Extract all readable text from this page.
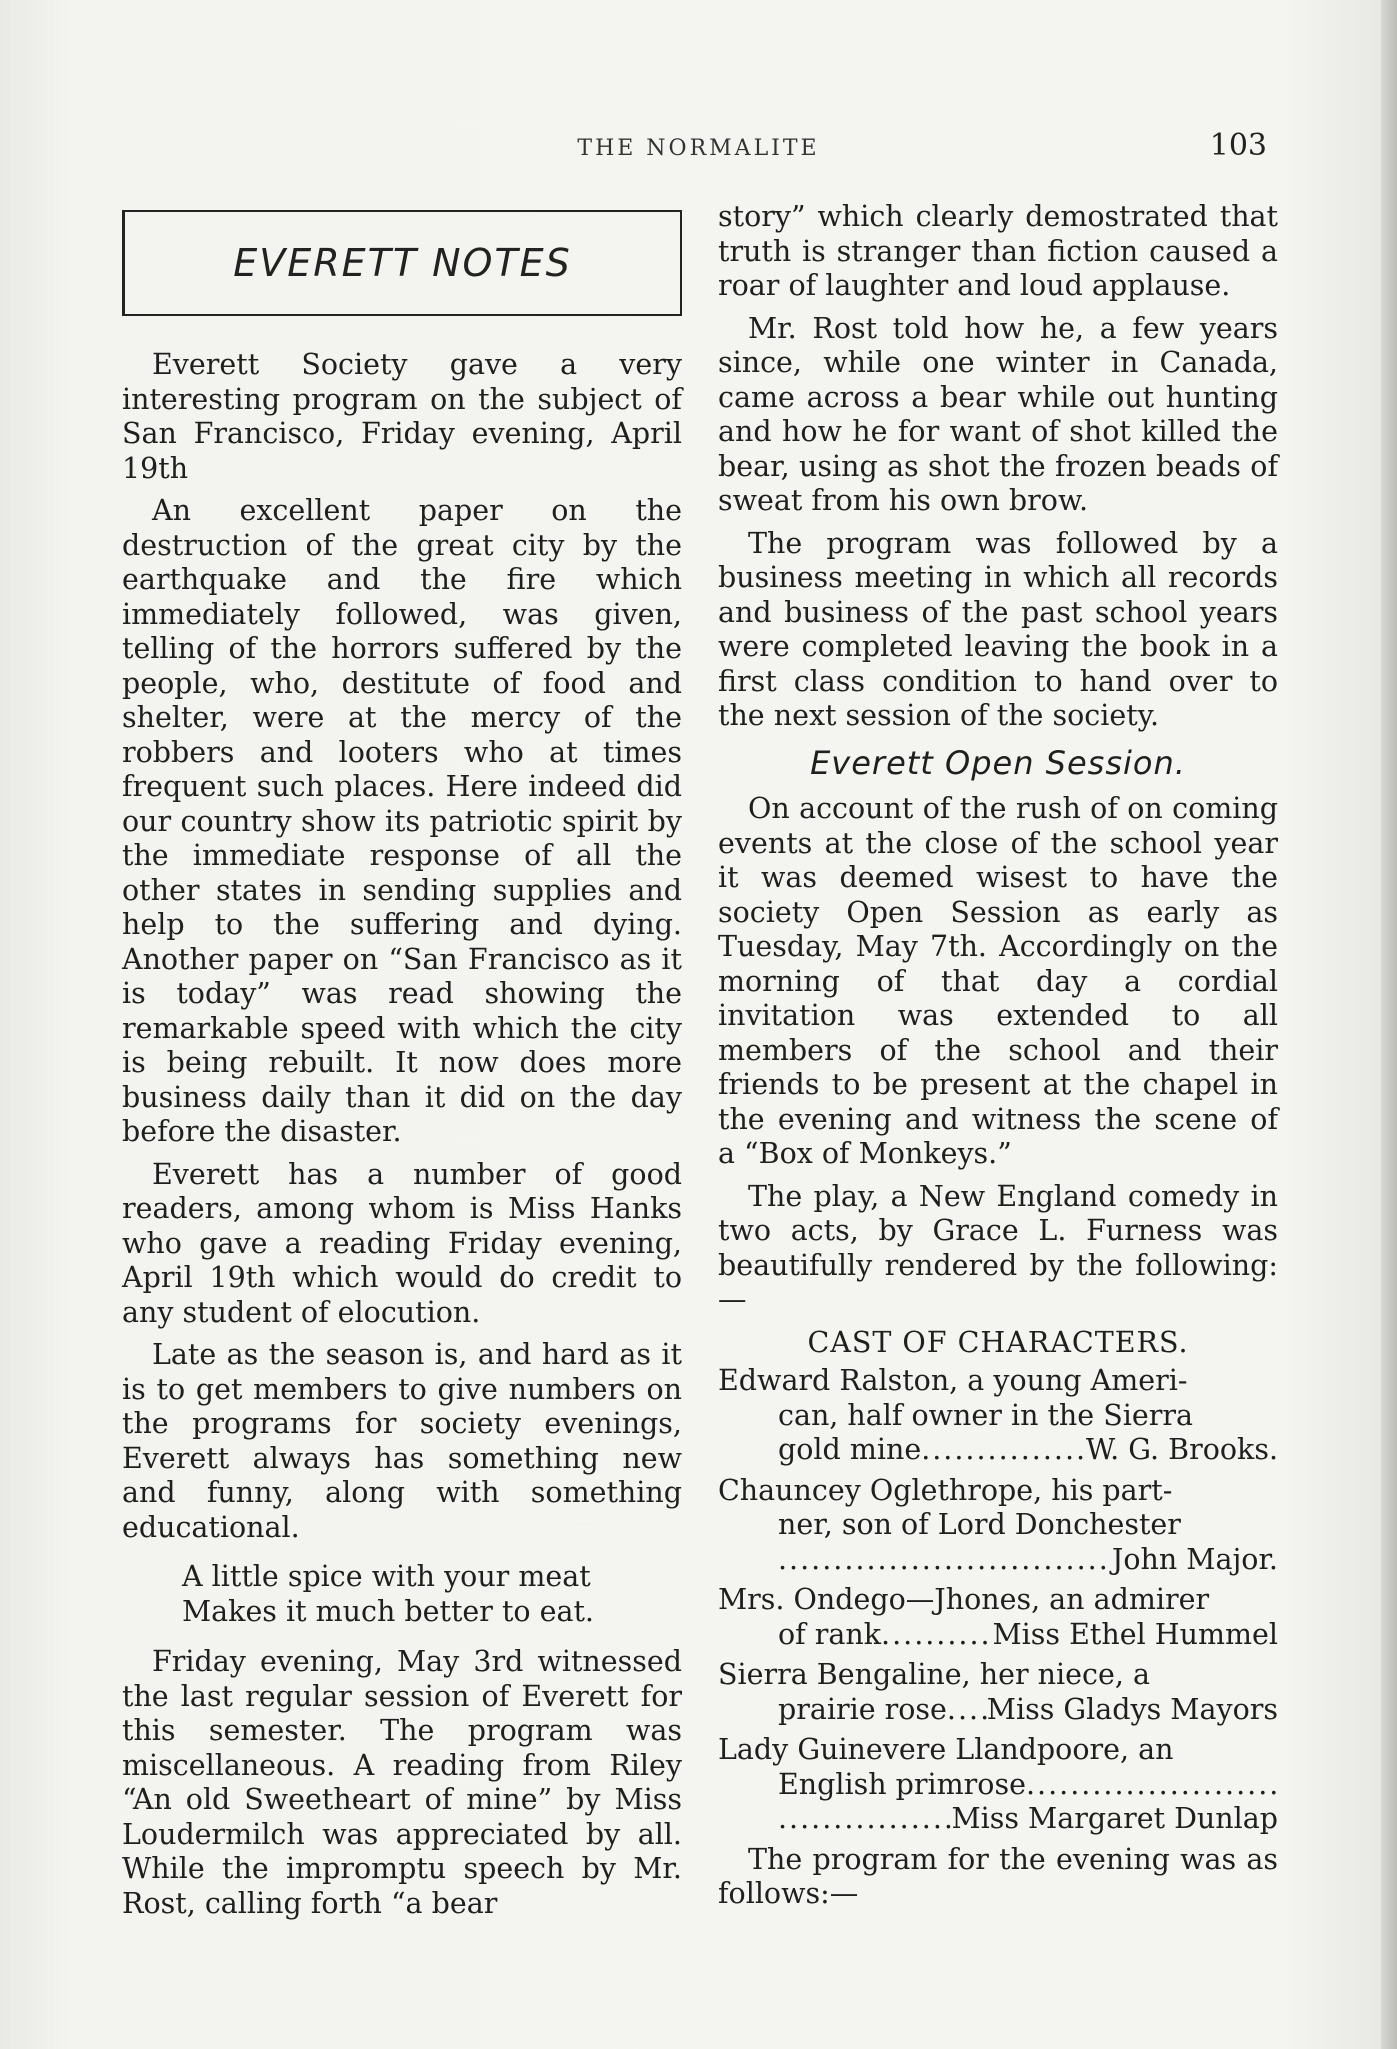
THE NORMALITE	103
EVERETT NOTES

Everett Society gave a very interesting program on the subject of San Francisco, Friday evening, April 19th

An excellent paper on the destruction of the great city by the earthquake and the fire which immediately followed, was given, telling of the horrors suffered by the people, who, destitute of food and shelter, were at the mercy of the robbers and looters who at times frequent such places. Here indeed did our country show its patriotic spirit by the immediate response of all the other states in sending supplies and help to the suffering and dying. Another paper on “San Francisco as it is today” was read showing the remarkable speed with which the city is being rebuilt. It now does more business daily than it did on the day before the disaster.

Everett has a number of good readers, among whom is Miss Hanks who gave a reading Friday evening, April 19th which would do credit to any student of elocution.

Late as the season is, and hard as it is to get members to give numbers on the programs for society evenings, Everett always has something new and funny, along with something educational.

A little spice with your meat
Makes it much better to eat.

Friday evening, May 3rd witnessed the last regular session of Everett for this semester. The program was miscellaneous. A reading from Riley “An old Sweetheart of mine” by Miss Loudermilch was appreciated by all. While the impromptu speech by Mr. Rost, calling forth “a bear

story” which clearly demostrated that truth is stranger than fiction caused a roar of laughter and loud applause.

Mr. Rost told how he, a few years since, while one winter in Canada, came across a bear while out hunting and how he for want of shot killed the bear, using as shot the frozen beads of sweat from his own brow.

The program was followed by a business meeting in which all records and business of the past school years were completed leaving the book in a first class condition to hand over to the next session of the society.

Everett Open Session.

On account of the rush of on coming events at the close of the school year it was deemed wisest to have the society Open Session as early as Tuesday, May 7th. Accordingly on the morning of that day a cordial invitation was extended to all members of the school and their friends to be present at the chapel in the evening and witness the scene of a “Box of Monkeys.”

The play, a New England comedy in two acts, by Grace L. Furness was beautifully rendered by the following:—

CAST OF CHARACTERS.
Edward Ralston, a young Ameri-
can, half owner in the Sierra
gold mine .....	W. G. Brooks.
Chauncey Oglethrope, his part-
ner, son of Lord Donchester
.....
John Major.
Mrs. Ondego—Jhones, an admirer
of rank .....	Miss Ethel Hummel
Sierra Bengaline, her niece, a
prairie rose ..... Miss Gladys Mayors
Lady Guinevere Llandpoore, an
English primrose
.....
.....
Miss Margaret Dunlap

The program for the evening was as follows:—
